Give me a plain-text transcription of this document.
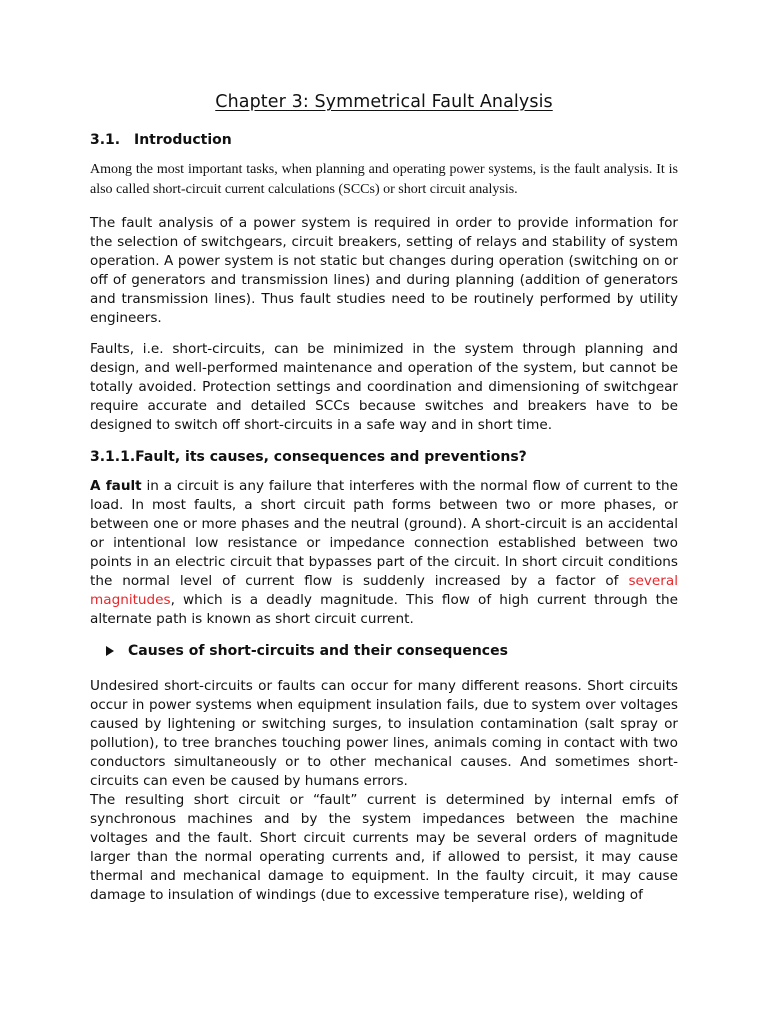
Chapter 3: Symmetrical Fault Analysis
3.1. Introduction

Among the most important tasks, when planning and operating power systems, is the fault analysis. It is also called short-circuit current calculations (SCCs) or short circuit analysis.

The fault analysis of a power system is required in order to provide information for the selection of switchgears, circuit breakers, setting of relays and stability of system operation. A power system is not static but changes during operation (switching on or off of generators and transmission lines) and during planning (addition of generators and transmission lines). Thus fault studies need to be routinely performed by utility engineers.

Faults, i.e. short-circuits, can be minimized in the system through planning and design, and well-performed maintenance and operation of the system, but cannot be totally avoided. Protection settings and coordination and dimensioning of switchgear require accurate and detailed SCCs because switches and breakers have to be designed to switch off short-circuits in a safe way and in short time.

3.1.1.Fault, its causes, consequences and preventions?

A fault in a circuit is any failure that interferes with the normal flow of current to the load. In most faults, a short circuit path forms between two or more phases, or between one or more phases and the neutral (ground). A short-circuit is an accidental or intentional low resistance or impedance connection established between two points in an electric circuit that bypasses part of the circuit. In short circuit conditions the normal level of current flow is suddenly increased by a factor of several magnitudes, which is a deadly magnitude. This flow of high current through the alternate path is known as short circuit current.

Causes of short-circuits and their consequences

Undesired short-circuits or faults can occur for many different reasons. Short circuits occur in power systems when equipment insulation fails, due to system over voltages caused by lightening or switching surges, to insulation contamination (salt spray or pollution), to tree branches touching power lines, animals coming in contact with two conductors simultaneously or to other mechanical causes. And sometimes short-circuits can even be caused by humans errors.

The resulting short circuit or “fault” current is determined by internal emfs of synchronous machines and by the system impedances between the machine voltages and the fault. Short circuit currents may be several orders of magnitude larger than the normal operating currents and, if allowed to persist, it may cause thermal and mechanical damage to equipment. In the faulty circuit, it may cause damage to insulation of windings (due to excessive temperature rise), welding of
